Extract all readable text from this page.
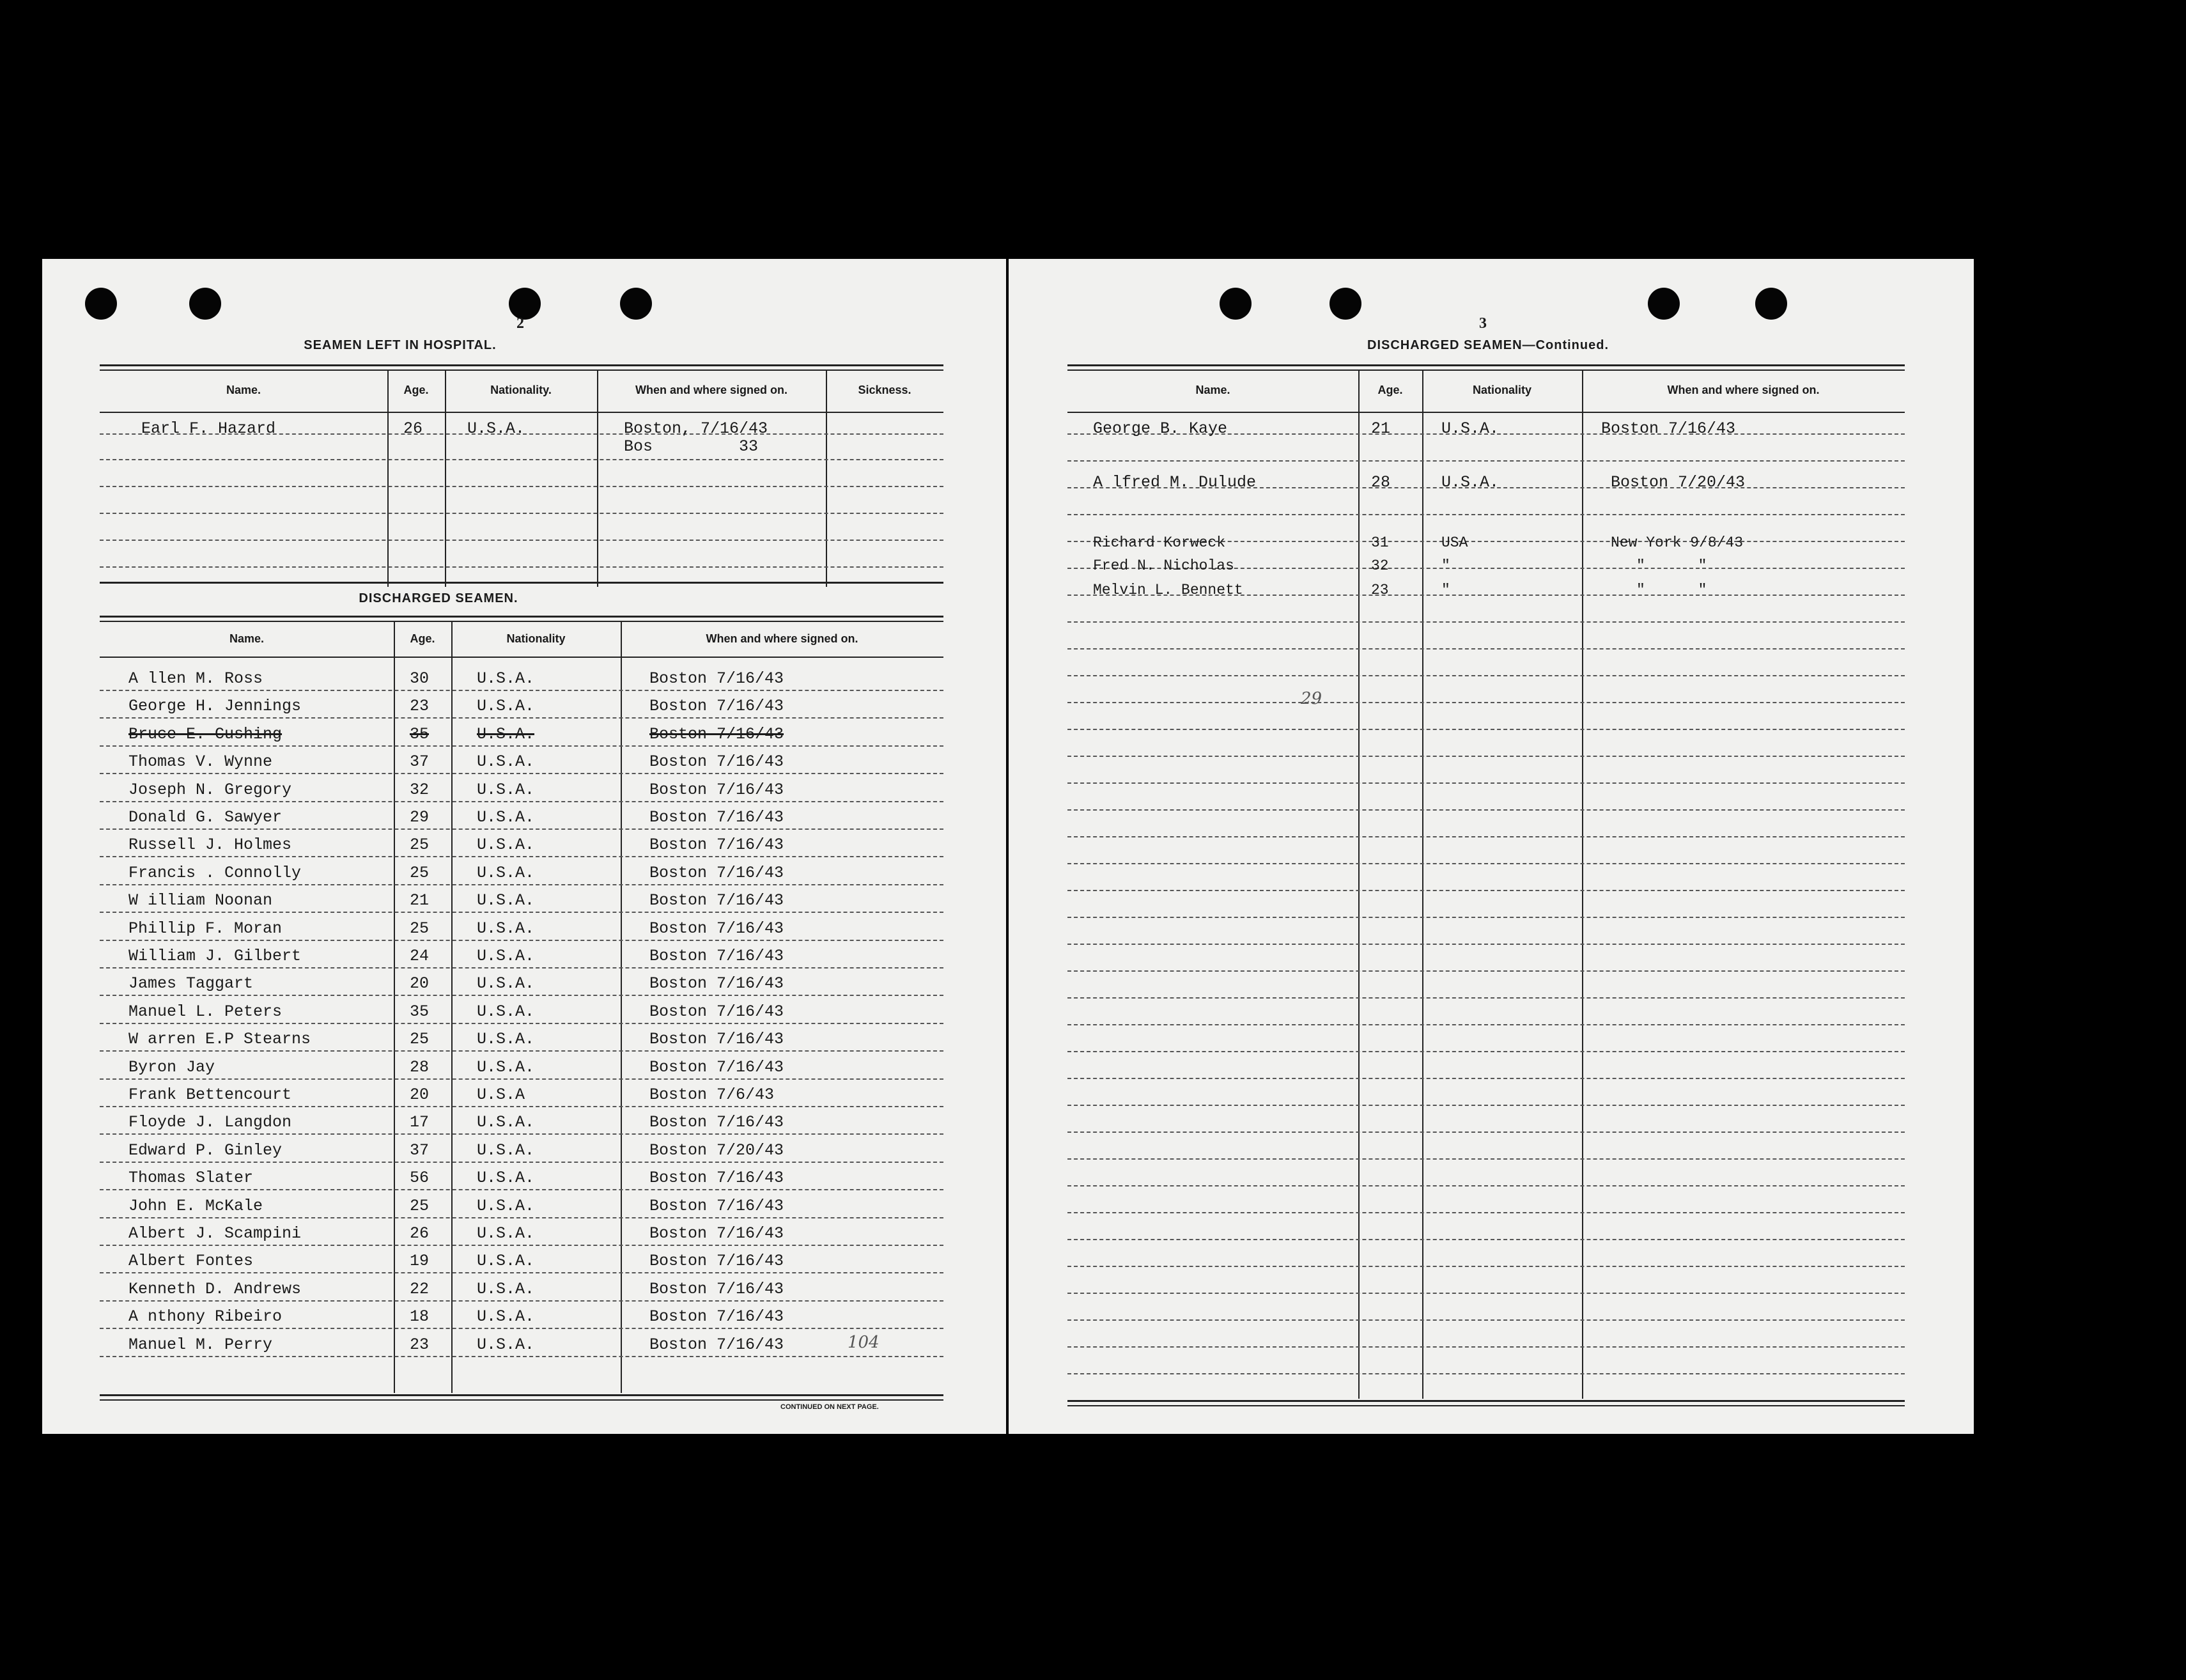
2
SEAMEN LEFT IN HOSPITAL.
Name.	Age.	Nationality.	When and where signed on.	Sickness.
Earl F. Hazard	26	U.S.A.	Boston, 7/16/43
Bos	33
DISCHARGED SEAMEN.
Name.	Age.	Nationality	When and where signed on.
A llen M. Ross	30	U.S.A.	Boston 7/16/43
George H. Jennings	23	U.S.A.	Boston 7/16/43
Bruce E. Cushing	35	U.S.A.	Boston 7/16/43
Thomas V. Wynne	37	U.S.A.	Boston 7/16/43
Joseph N. Gregory	32	U.S.A.	Boston 7/16/43
Donald G. Sawyer	29	U.S.A.	Boston 7/16/43
Russell J. Holmes	25	U.S.A.	Boston 7/16/43
Francis . Connolly	25	U.S.A.	Boston 7/16/43
W illiam Noonan	21	U.S.A.	Boston 7/16/43
Phillip F. Moran	25	U.S.A.	Boston 7/16/43
William J. Gilbert	24	U.S.A.	Boston 7/16/43
James Taggart	20	U.S.A.	Boston 7/16/43
Manuel L. Peters	35	U.S.A.	Boston 7/16/43
W arren E.P Stearns	25	U.S.A.	Boston 7/16/43
Byron Jay	28	U.S.A.	Boston 7/16/43
Frank Bettencourt	20	U.S.A	Boston 7/6/43
Floyde J. Langdon	17	U.S.A.	Boston 7/16/43
Edward P. Ginley	37	U.S.A.	Boston 7/20/43
Thomas Slater	56	U.S.A.	Boston 7/16/43
John E. McKale	25	U.S.A.	Boston 7/16/43
Albert J. Scampini	26	U.S.A.	Boston 7/16/43
Albert Fontes	19	U.S.A.	Boston 7/16/43
Kenneth D. Andrews	22	U.S.A.	Boston 7/16/43
A nthony Ribeiro	18	U.S.A.	Boston 7/16/43
Manuel M. Perry	23	U.S.A.	Boston 7/16/43	104
CONTINUED ON NEXT PAGE.
3
DISCHARGED SEAMEN—Continued.
Name.	Age.	Nationality	When and where signed on.
George B. Kaye	21	U.S.A.	Boston 7/16/43
A lfred M. Dulude	28	U.S.A.	Boston 7/20/43
Richard Korweck	31	USA	New York 9/8/43
Fred N. Nicholas	32	"	"      "
Melvin L. Bennett	23	"	"      "
29
